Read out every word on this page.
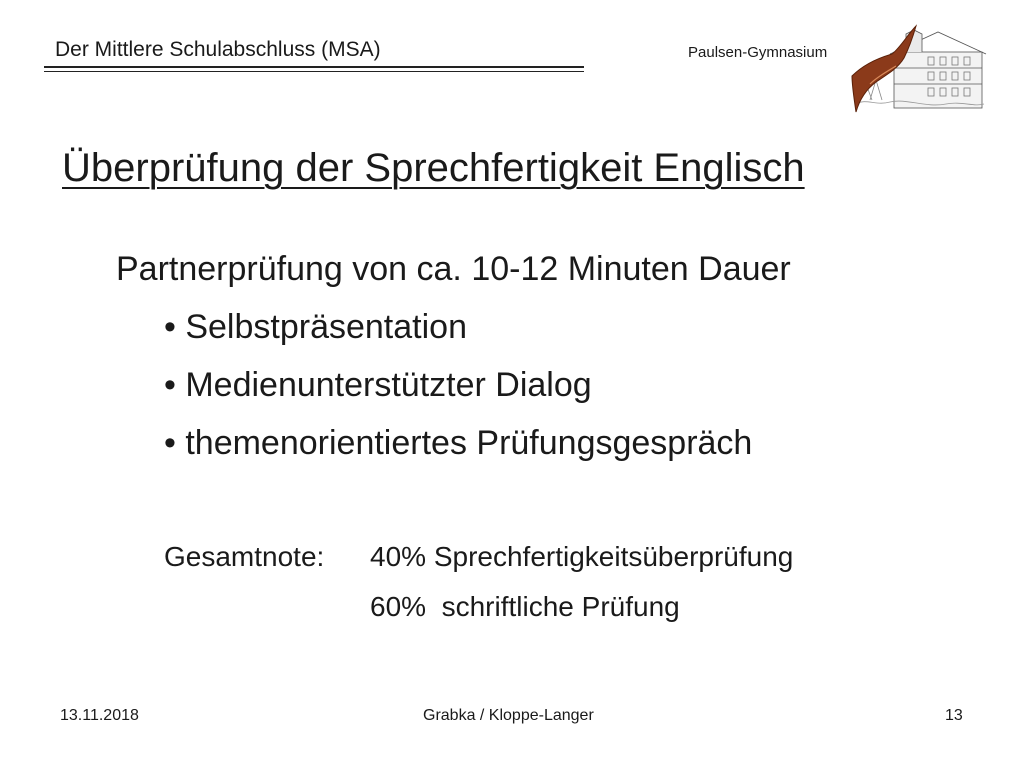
Der Mittlere Schulabschluss (MSA)	Paulsen-Gymnasium
Überprüfung der Sprechfertigkeit Englisch
Partnerprüfung von ca. 10-12 Minuten Dauer
• Selbstpräsentation
• Medienunterstützter Dialog
• themenorientiertes Prüfungsgespräch
Gesamtnote: 40% Sprechfertigkeitsüberprüfung
60%  schriftliche Prüfung
13.11.2018	Grabka / Kloppe-Langer	13
